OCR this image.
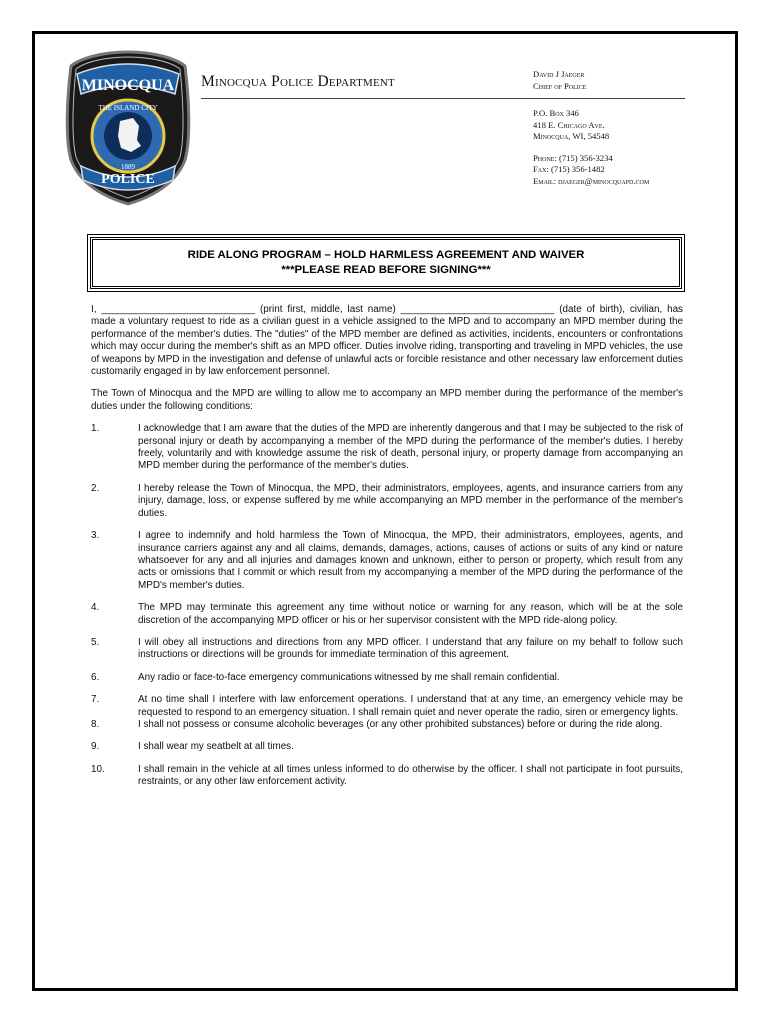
MINOCQUA
THE ISLAND CITY
1889
POLICE
Minocqua Police Department	David J Jaeger
Chief of Police
P.O. Box 346
418 E. Chicago Ave.
Minocqua, WI, 54548
Phone: (715) 356-3234
Fax: (715) 356-1482
Email: djaeger@minocquapd.com
RIDE ALONG PROGRAM – HOLD HARMLESS AGREEMENT AND WAIVER
***PLEASE READ BEFORE SIGNING***

I, ____________________________ (print first, middle, last name) ____________________________ (date of birth), civilian, has made a voluntary request to ride as a civilian guest in a vehicle assigned to the MPD and to accompany an MPD member during the performance of the member's duties. The "duties" of the MPD member are defined as activities, incidents, encounters or confrontations which may occur during the member's shift as an MPD officer. Duties involve riding, transporting and traveling in MPD vehicles, the use of weapons by MPD in the investigation and defense of unlawful acts or forcible resistance and other necessary law enforcement duties customarily engaged in by law enforcement personnel.

The Town of Minocqua and the MPD are willing to allow me to accompany an MPD member during the performance of the member's duties under the following conditions:

1.	I acknowledge that I am aware that the duties of the MPD are inherently dangerous and that I may be subjected to the risk of personal injury or death by accompanying a member of the MPD during the performance of the member's duties. I hereby freely, voluntarily and with knowledge assume the risk of death, personal injury, or property damage from accompanying an MPD member during the performance of the member's duties.
2.	I hereby release the Town of Minocqua, the MPD, their administrators, employees, agents, and insurance carriers from any injury, damage, loss, or expense suffered by me while accompanying an MPD member in the performance of the member's duties.
3.	I agree to indemnify and hold harmless the Town of Minocqua, the MPD, their administrators, employees, agents, and insurance carriers against any and all claims, demands, damages, actions, causes of actions or suits of any kind or nature whatsoever for any and all injuries and damages known and unknown, either to person or property, which result from any acts or omissions that I commit or which result from my accompanying a member of the MPD during the performance of the MPD's member's duties.
4.	The MPD may terminate this agreement any time without notice or warning for any reason, which will be at the sole discretion of the accompanying MPD officer or his or her supervisor consistent with the MPD ride-along policy.
5.	I will obey all instructions and directions from any MPD officer. I understand that any failure on my behalf to follow such instructions or directions will be grounds for immediate termination of this agreement.
6.	Any radio or face-to-face emergency communications witnessed by me shall remain confidential.
7.	At no time shall I interfere with law enforcement operations. I understand that at any time, an emergency vehicle may be requested to respond to an emergency situation. I shall remain quiet and never operate the radio, siren or emergency lights.
8.	I shall not possess or consume alcoholic beverages (or any other prohibited substances) before or during the ride along.
9.	I shall wear my seatbelt at all times.
10.	I shall remain in the vehicle at all times unless informed to do otherwise by the officer. I shall not participate in foot pursuits, restraints, or any other law enforcement activity.
